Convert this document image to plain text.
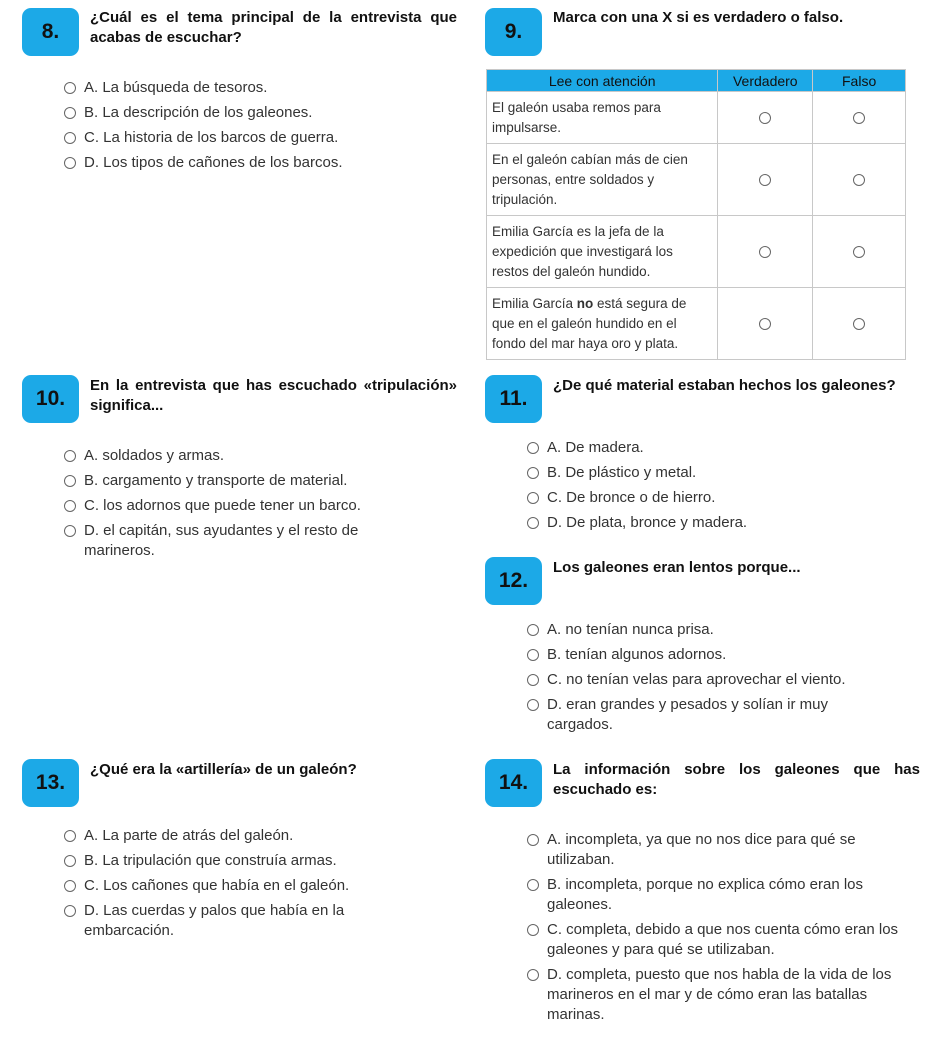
8.
¿Cuál es el tema principal de la entrevista que acabas de escuchar?
A. La búsqueda de tesoros.
B. La descripción de los galeones.
C. La historia de los barcos de guerra.
D. Los tipos de cañones de los barcos.
9.
Marca con una X si es verdadero o falso.
Lee con atención	Verdadero	Falso
El galeón usaba remos para impulsarse.		
En el galeón cabían más de cien personas, entre soldados y tripulación.		
Emilia García es la jefa de la expedición que investigará los restos del galeón hundido.		
Emilia García no está segura de que en el galeón hundido en el fondo del mar haya oro y plata.		
10.
En la entrevista que has escuchado «tripulación» significa...
A. soldados y armas.
B. cargamento y transporte de material.
C. los adornos que puede tener un barco.
D. el capitán, sus ayudantes y el resto de marineros.
11.
¿De qué material estaban hechos los galeones?
A. De madera.
B. De plástico y metal.
C. De bronce o de hierro.
D. De plata, bronce y madera.
12.
Los galeones eran lentos porque...
A. no tenían nunca prisa.
B. tenían algunos adornos.
C. no tenían velas para aprovechar el viento.
D. eran grandes y pesados y solían ir muy cargados.
13.
¿Qué era la «artillería» de un galeón?
A. La parte de atrás del galeón.
B. La tripulación que construía armas.
C. Los cañones que había en el galeón.
D. Las cuerdas y palos que había en la embarcación.
14.
La información sobre los galeones que has escuchado es:
A. incompleta, ya que no nos dice para qué se utilizaban.
B. incompleta, porque no explica cómo eran los galeones.
C. completa, debido a que nos cuenta cómo eran los galeones y para qué se utilizaban.
D. completa, puesto que nos habla de la vida de los marineros en el mar y de cómo eran las batallas marinas.
